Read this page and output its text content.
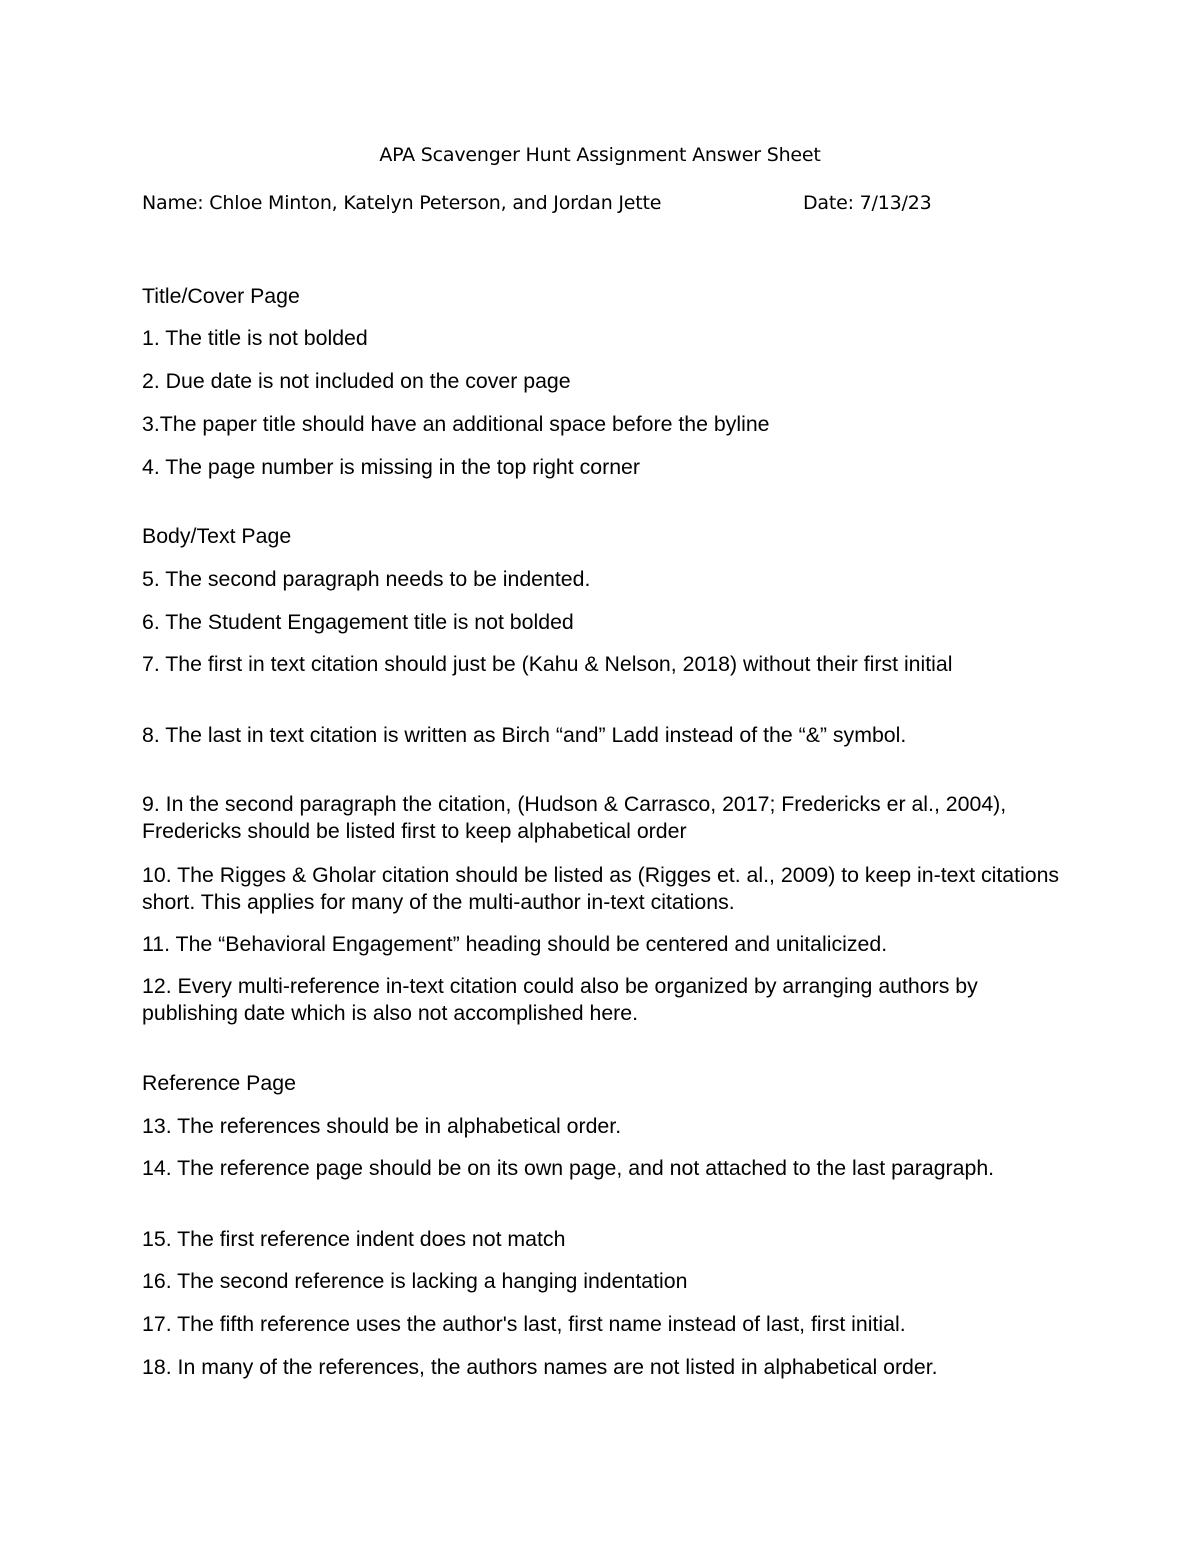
APA Scavenger Hunt Assignment Answer Sheet
Name: Chloe Minton, Katelyn Peterson, and Jordan Jette	Date: 7/13/23
Title/Cover Page
1. The title is not bolded
2. Due date is not included on the cover page
3.The paper title should have an additional space before the byline
4. The page number is missing in the top right corner
Body/Text Page
5. The second paragraph needs to be indented.
6. The Student Engagement title is not bolded
7. The first in text citation should just be (Kahu & Nelson, 2018) without their first initial
8. The last in text citation is written as Birch “and” Ladd instead of the “&” symbol.
9. In the second paragraph the citation, (Hudson & Carrasco, 2017; Fredericks er al., 2004), Fredericks should be listed first to keep alphabetical order
10. The Rigges & Gholar citation should be listed as (Rigges et. al., 2009) to keep in-text citations short. This applies for many of the multi-author in-text citations.
11. The “Behavioral Engagement” heading should be centered and unitalicized.
12. Every multi-reference in-text citation could also be organized by arranging authors by publishing date which is also not accomplished here.
Reference Page
13. The references should be in alphabetical order.
14. The reference page should be on its own page, and not attached to the last paragraph.
15. The first reference indent does not match
16. The second reference is lacking a hanging indentation
17. The fifth reference uses the author's last, first name instead of last, first initial.
18. In many of the references, the authors names are not listed in alphabetical order.
